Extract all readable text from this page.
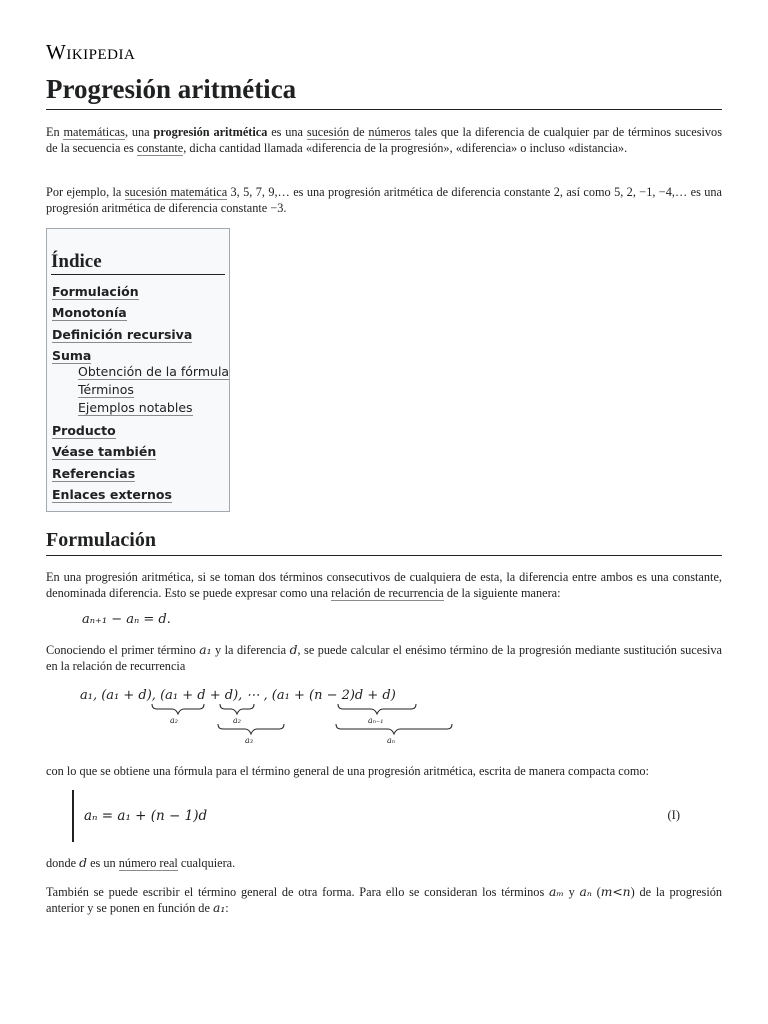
Wikipedia
Progresión aritmética

En matemáticas, una progresión aritmética es una sucesión de números tales que la diferencia de cualquier par de términos sucesivos de la secuencia es constante, dicha cantidad llamada «diferencia de la progresión», «diferencia» o incluso «distancia».

Por ejemplo, la sucesión matemática 3, 5, 7, 9,… es una progresión aritmética de diferencia constante 2, así como 5, 2, −1, −4,… es una progresión aritmética de diferencia constante −3.

Índice
Formulación
Monotonía
Definición recursiva
Suma
Obtención de la fórmula
Términos
Ejemplos notables
Producto
Véase también
Referencias
Enlaces externos
Formulación

En una progresión aritmética, si se toman dos términos consecutivos de cualquiera de esta, la diferencia entre ambos es una constante, denominada diferencia. Esto se puede expresar como una relación de recurrencia de la siguiente manera:

aₙ₊₁ − aₙ = d.

Conociendo el primer término a₁ y la diferencia d, se puede calcular el enésimo término de la progresión mediante sustitución sucesiva en la relación de recurrencia

a₁, (a₁ + d), (a₁ + d + d), ⋯ , (a₁ + (n − 2)d + d)
a₂	a₂
a₃
aₙ₋₁
aₙ

con lo que se obtiene una fórmula para el término general de una progresión aritmética, escrita de manera compacta como:

aₙ = a₁ + (n − 1)d	(I)

donde d es un número real cualquiera.

También se puede escribir el término general de otra forma. Para ello se consideran los términos aₘ y aₙ (m<n) de la progresión anterior y se ponen en función de a₁:
